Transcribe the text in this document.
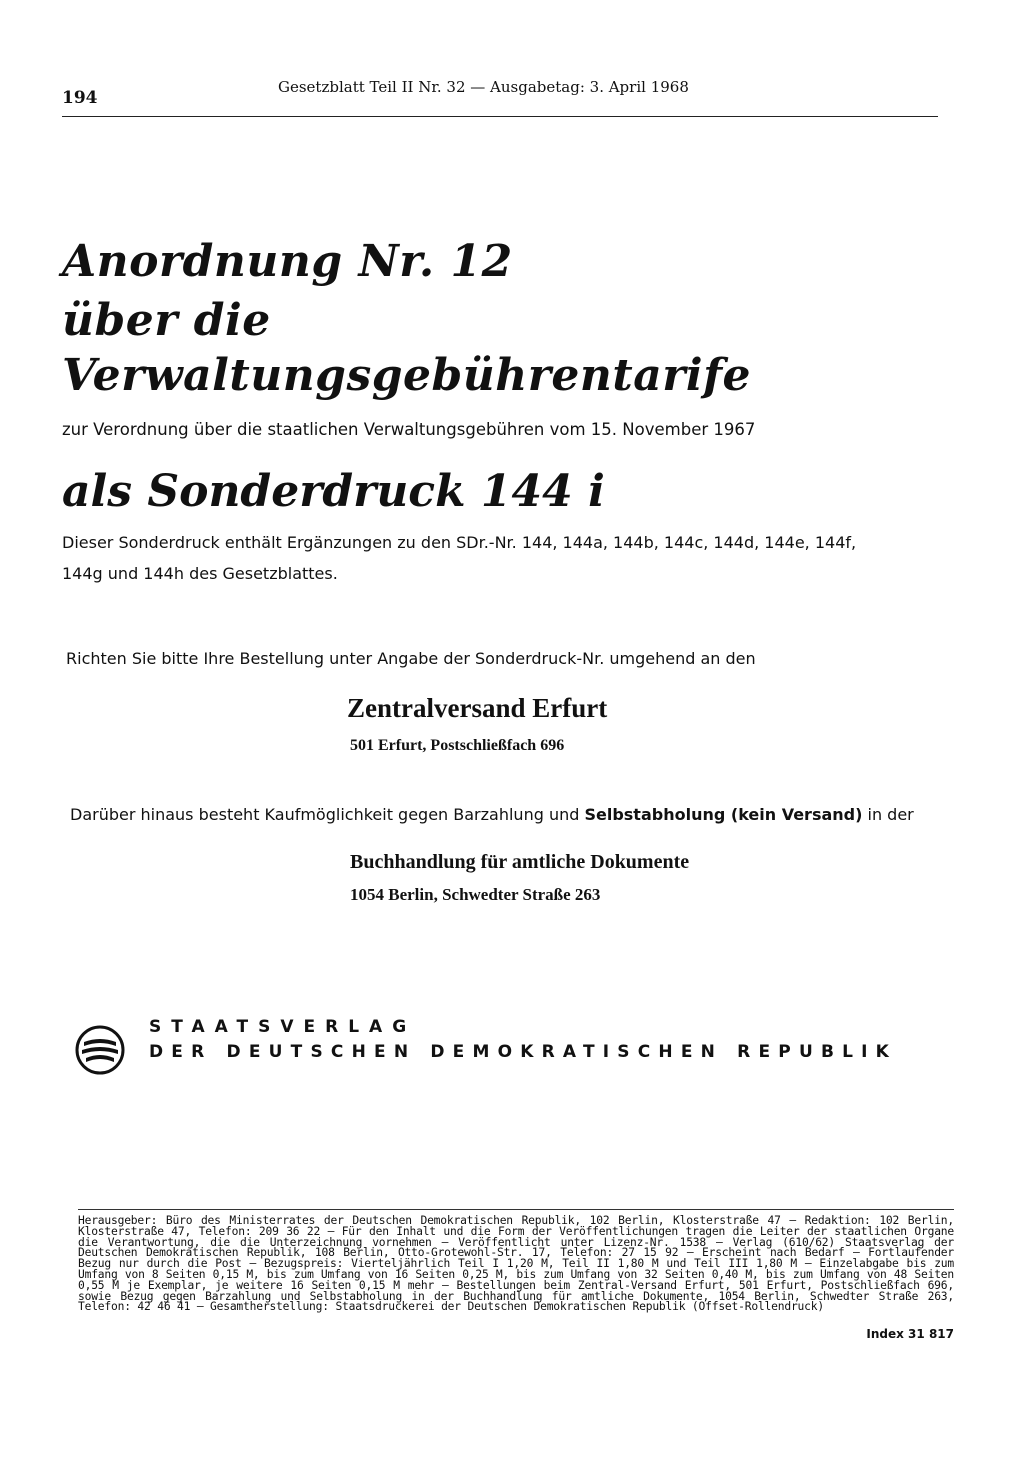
194
Gesetzblatt Teil II Nr. 32 — Ausgabetag: 3. April 1968
Anordnung Nr. 12
über die
Verwaltungsgebührentarife
zur Verordnung über die staatlichen Verwaltungsgebühren vom 15. November 1967
als Sonderdruck 144 i
Dieser Sonderdruck enthält Ergänzungen zu den SDr.-Nr. 144, 144a, 144b, 144c, 144d, 144e, 144f,
144g und 144h des Gesetzblattes.
Richten Sie bitte Ihre Bestellung unter Angabe der Sonderdruck-Nr. umgehend an den
Zentralversand Erfurt
501 Erfurt, Postschließfach 696
Darüber hinaus besteht Kaufmöglichkeit gegen Barzahlung und Selbstabholung (kein Versand) in der
Buchhandlung für amtliche Dokumente
1054 Berlin, Schwedter Straße 263
STAATSVERLAG
DER DEUTSCHEN DEMOKRATISCHEN REPUBLIK
Herausgeber: Büro des Ministerrates der Deutschen Demokratischen Republik, 102 Berlin, Klosterstraße 47 — Redaktion: 102 Berlin, Klosterstraße 47, Telefon: 209 36 22 — Für den Inhalt und die Form der Veröffentlichungen tragen die Leiter der staatlichen Organe die Verantwortung, die die Unterzeichnung vornehmen — Veröffentlicht unter Lizenz-Nr. 1538 — Verlag (610/62) Staatsverlag der Deutschen Demokratischen Republik, 108 Berlin, Otto-Grotewohl-Str. 17, Telefon: 27 15 92 — Erscheint nach Bedarf — Fortlaufender Bezug nur durch die Post — Bezugspreis: Vierteljährlich Teil I 1,20 M, Teil II 1,80 M und Teil III 1,80 M — Einzelabgabe bis zum Umfang von 8 Seiten 0,15 M, bis zum Umfang von 16 Seiten 0,25 M, bis zum Umfang von 32 Seiten 0,40 M, bis zum Umfang von 48 Seiten 0,55 M je Exemplar, je weitere 16 Seiten 0,15 M mehr — Bestellungen beim Zentral-Versand Erfurt, 501 Erfurt, Postschließfach 696, sowie Bezug gegen Barzahlung und Selbstabholung in der Buchhandlung für amtliche Dokumente, 1054 Berlin, Schwedter Straße 263, Telefon: 42 46 41 — Gesamtherstellung: Staatsdruckerei der Deutschen Demokratischen Republik (Offset-Rollendruck)
Index 31 817
